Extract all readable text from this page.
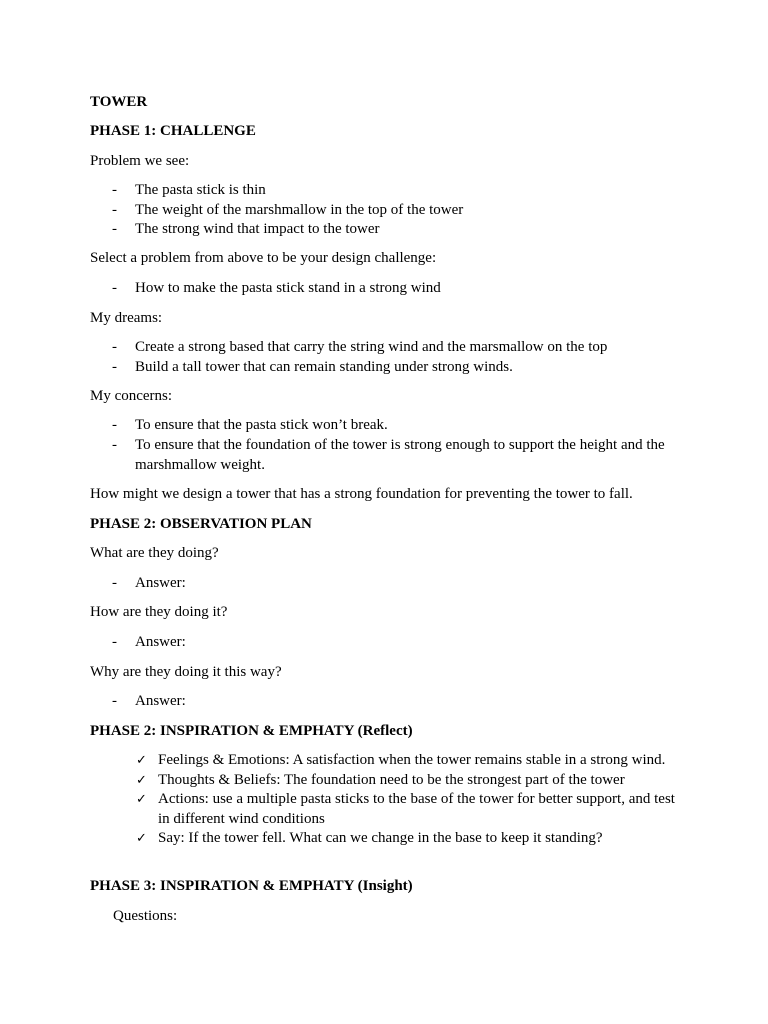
TOWER

PHASE 1: CHALLENGE

Problem we see:

- The pasta stick is thin
- The weight of the marshmallow in the top of the tower
- The strong wind that impact to the tower

Select a problem from above to be your design challenge:

- How to make the pasta stick stand in a strong wind

My dreams:

- Create a strong based that carry the string wind and the marsmallow on the top
- Build a tall tower that can remain standing under strong winds.

My concerns:

- To ensure that the pasta stick won’t break.
- To ensure that the foundation of the tower is strong enough to support the height and the marshmallow weight.

How might we design a tower that has a strong foundation for preventing the tower to fall.

PHASE 2: OBSERVATION PLAN

What are they doing?

- Answer:

How are they doing it?

- Answer:

Why are they doing it this way?

- Answer:

PHASE 2: INSPIRATION & EMPHATY (Reflect)

✓ Feelings & Emotions: A satisfaction when the tower remains stable in a strong wind.
✓ Thoughts & Beliefs: The foundation need to be the strongest part of the tower
✓ Actions: use a multiple pasta sticks to the base of the tower for better support, and test in different wind conditions
✓ Say: If the tower fell. What can we change in the base to keep it standing?

PHASE 3: INSPIRATION & EMPHATY (Insight)

Questions:
